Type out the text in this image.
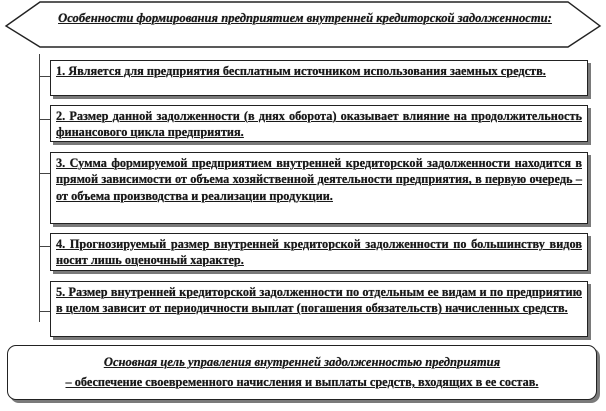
Особенности формирования предприятием внутренней кредиторской задолженности:
1. Является для предприятия бесплатным источником использования заемных средств.
2. Размер данной задолженности (в днях оборота) оказывает влияние на продолжительность финансового цикла предприятия.
3. Сумма формируемой предприятием внутренней кредиторской задолженности находится в прямой зависимости от объема хозяйственной деятельности предприятия, в первую очередь – от объема производства и реализации продукции.
4. Прогнозируемый размер внутренней кредиторской задолженности по большинству видов носит лишь оценочный характер.
5. Размер внутренней кредиторской задолженности по отдельным ее видам и по предприятию в целом зависит от периодичности выплат (погашения обязательств) начисленных средств.
Основная цель управления внутренней задолженностью предприятия
– обеспечение своевременного начисления и выплаты средств, входящих в ее состав.
